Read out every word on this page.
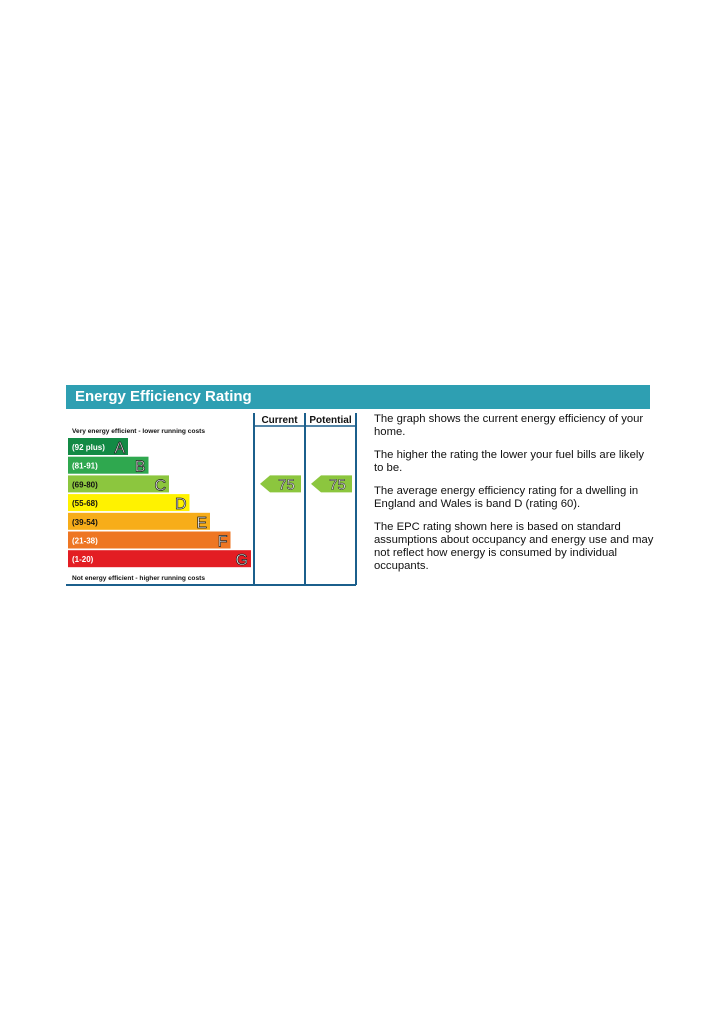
Energy Efficiency Rating
Current Potential
Very energy efficient - lower running costs
Not energy efficient - higher running costs
(92 plus) A
(81-91) B
(69-80)	C
(55-68)	D
(39-54)	E
(21-38)	F
(1-20)	G
75 75

The graph shows the current energy efficiency of your home.

The higher the rating the lower your fuel bills are likely to be.

The average energy efficiency rating for a dwelling in England and Wales is band D (rating 60).

The EPC rating shown here is based on standard assumptions about occupancy and energy use and may not reflect how energy is consumed by individual occupants.
